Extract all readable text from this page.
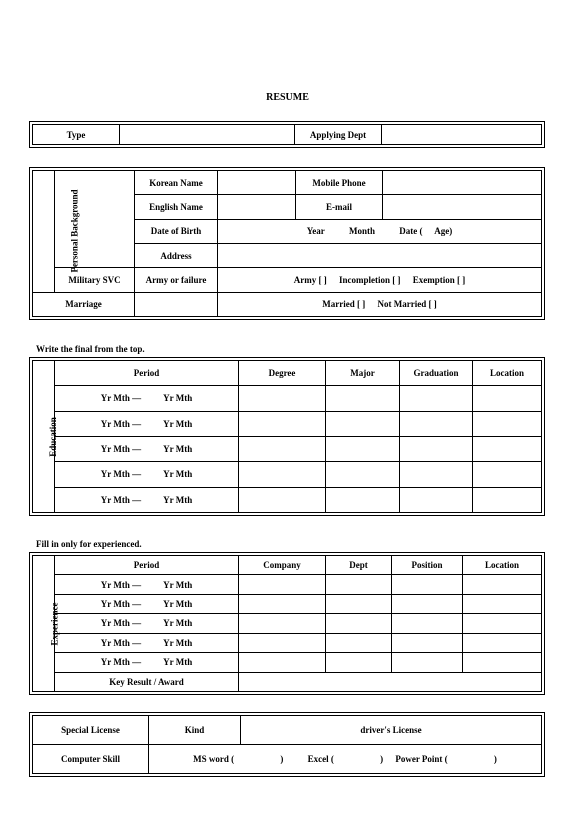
RESUME
Type		Applying Dept	
Personal Background		Korean Name		Mobile Phone	
		English Name		E-mail	
		Date of Birth	Year Month Date ( Age)		
		Address			
	Military SVC	Army or failure	Army [ ] Incompletion [ ] Exemption [ ]		
Marriage			Married [ ] Not Married [ ]		
Write the final from the top.
Education	Period	Degree	Major	Graduation	Location
	Yr Mth — Yr Mth				
	Yr Mth — Yr Mth				
	Yr Mth — Yr Mth				
	Yr Mth — Yr Mth				
	Yr Mth — Yr Mth				
Fill in only for experienced.
Experience	Period	Company	Dept	Position	Location
	Yr Mth — Yr Mth				
	Yr Mth — Yr Mth				
	Yr Mth — Yr Mth				
	Yr Mth — Yr Mth				
	Yr Mth — Yr Mth				
	Key Result / Award				
Special License	Kind	driver's License
Computer Skill	MS word ( ) Excel ( ) Power Point ( )	
